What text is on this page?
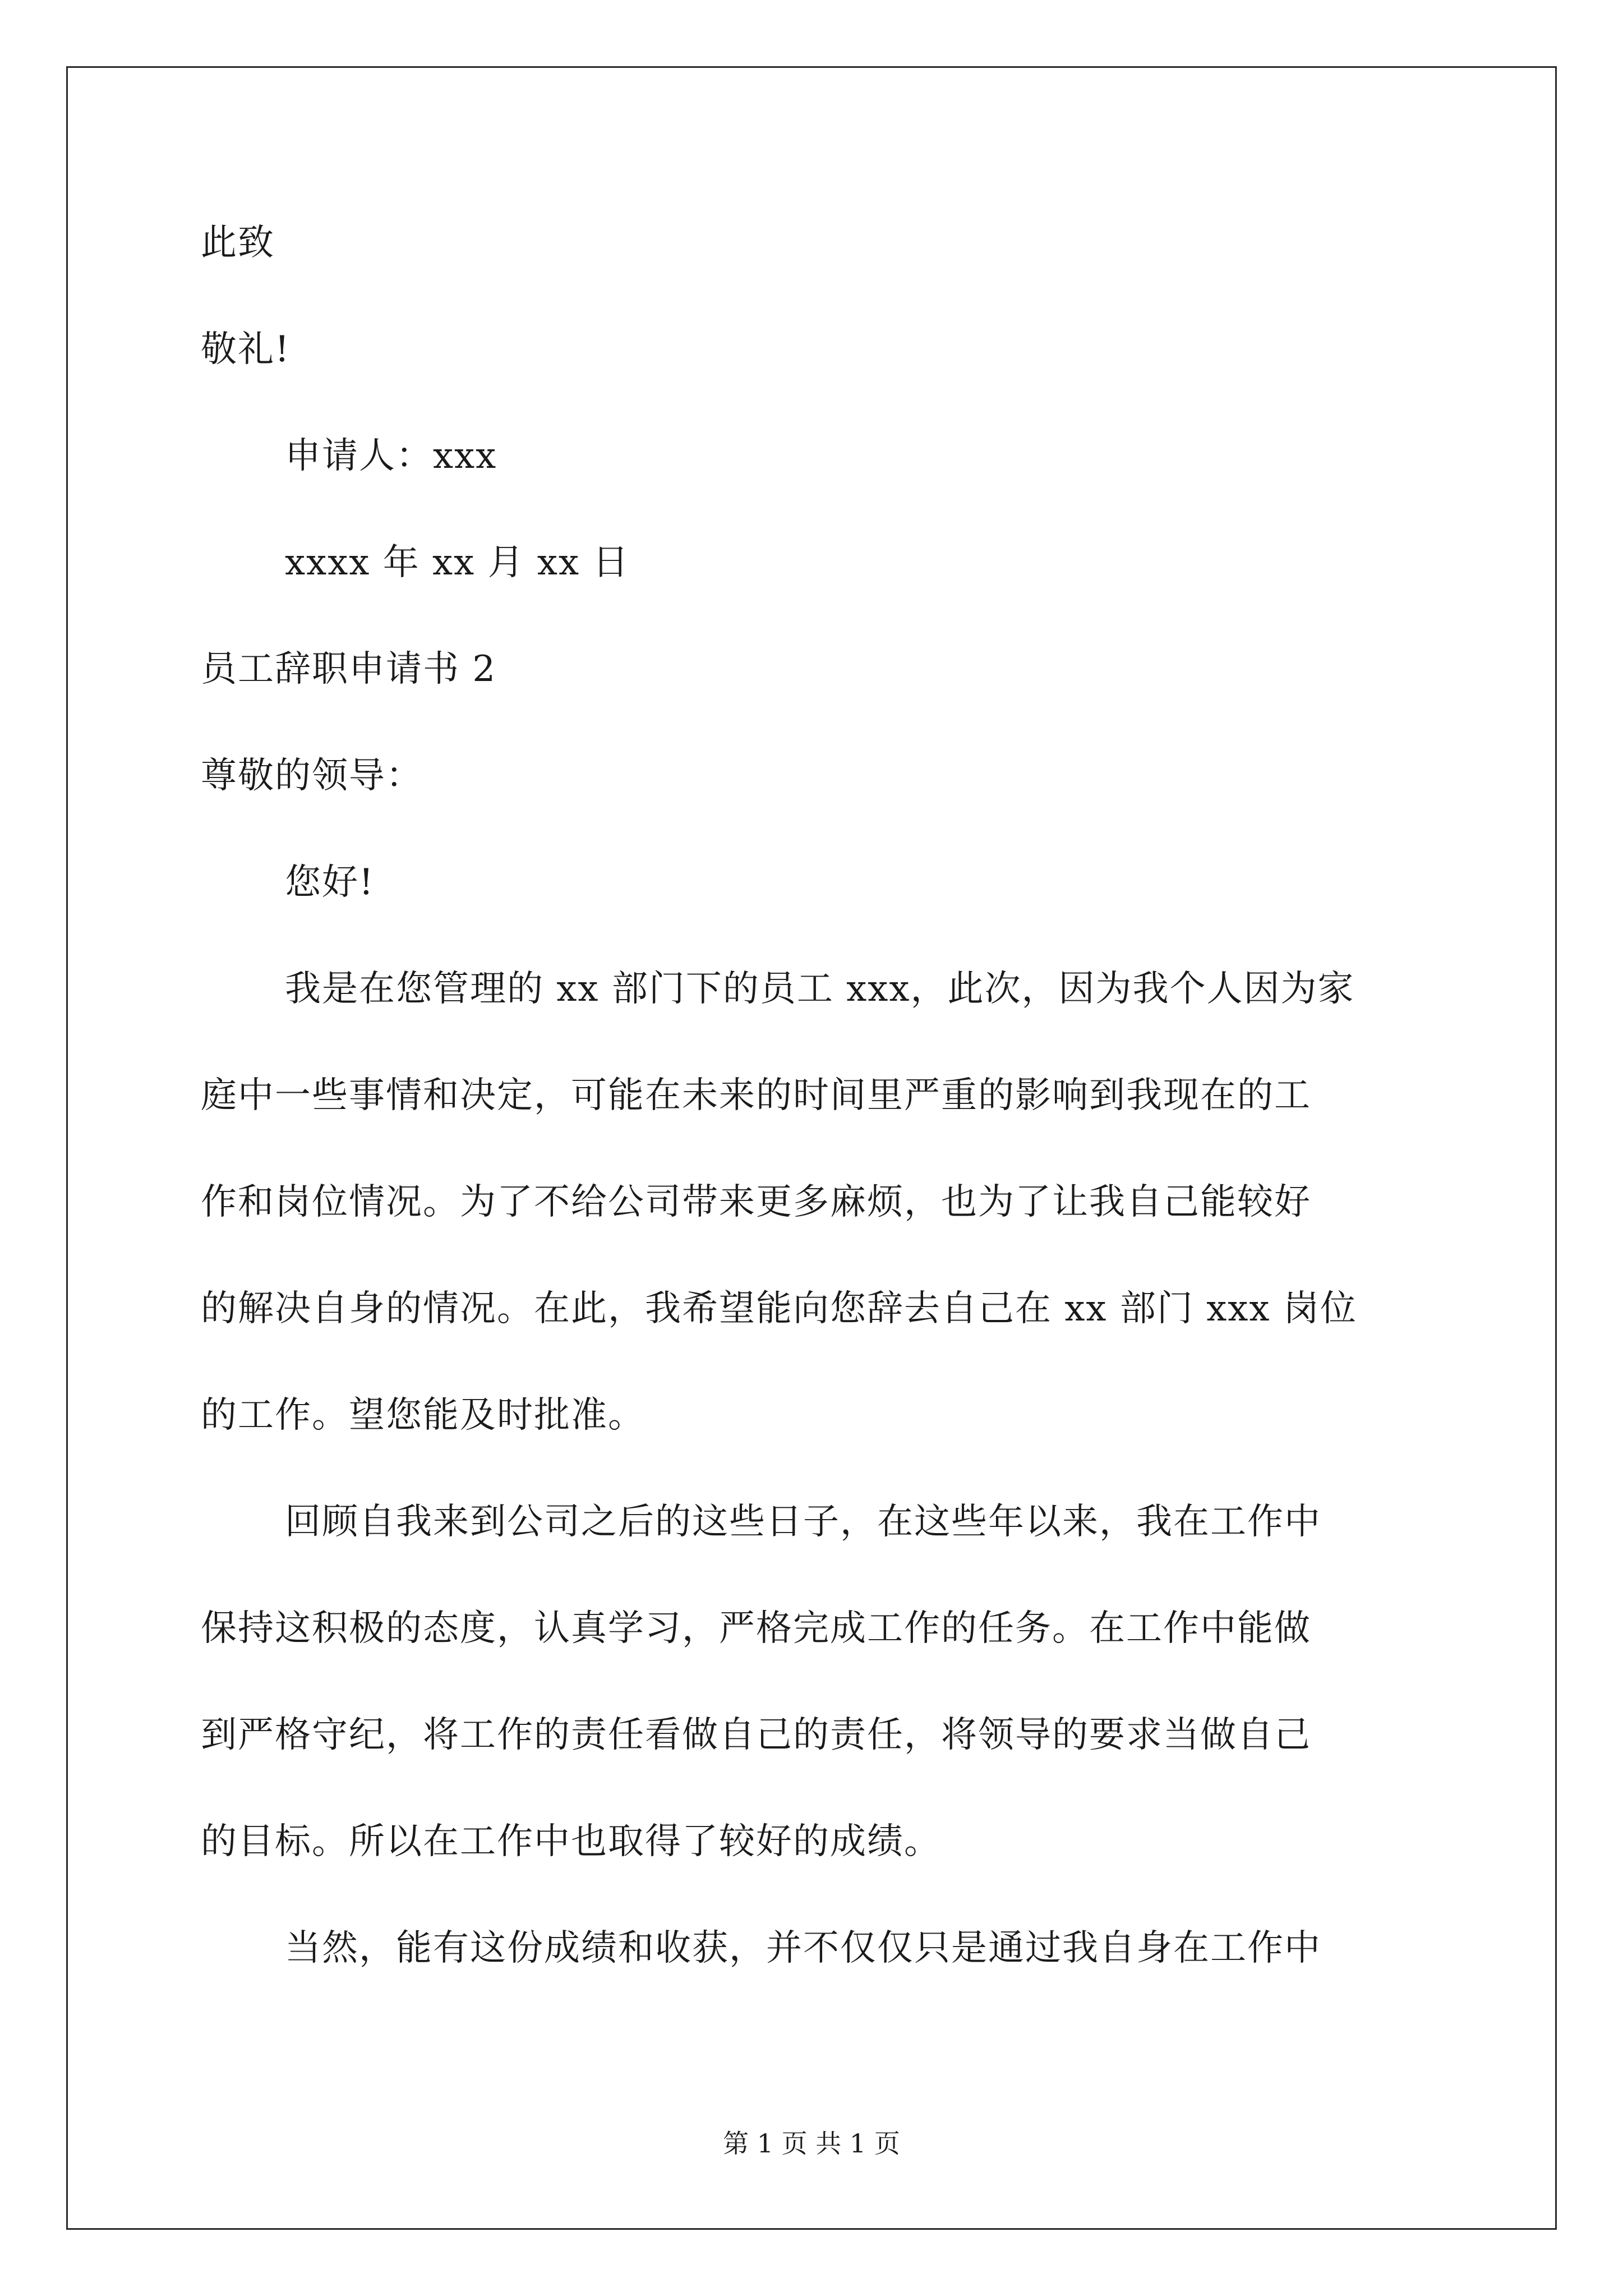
此致
敬礼!
申请人：xxx
xxxx 年 xx 月 xx 日
员工辞职申请书 2
尊敬的领导：
您好!
我是在您管理的 xx 部门下的员工 xxx，此次，因为我个人因为家
庭中一些事情和决定，可能在未来的时间里严重的影响到我现在的工
作和岗位情况。为了不给公司带来更多麻烦，也为了让我自己能较好
的解决自身的情况。在此，我希望能向您辞去自己在 xx 部门 xxx 岗位
的工作。望您能及时批准。
回顾自我来到公司之后的这些日子，在这些年以来，我在工作中
保持这积极的态度，认真学习，严格完成工作的任务。在工作中能做
到严格守纪，将工作的责任看做自己的责任，将领导的要求当做自己
的目标。所以在工作中也取得了较好的成绩。
当然，能有这份成绩和收获，并不仅仅只是通过我自身在工作中
第 1 页 共 1 页
